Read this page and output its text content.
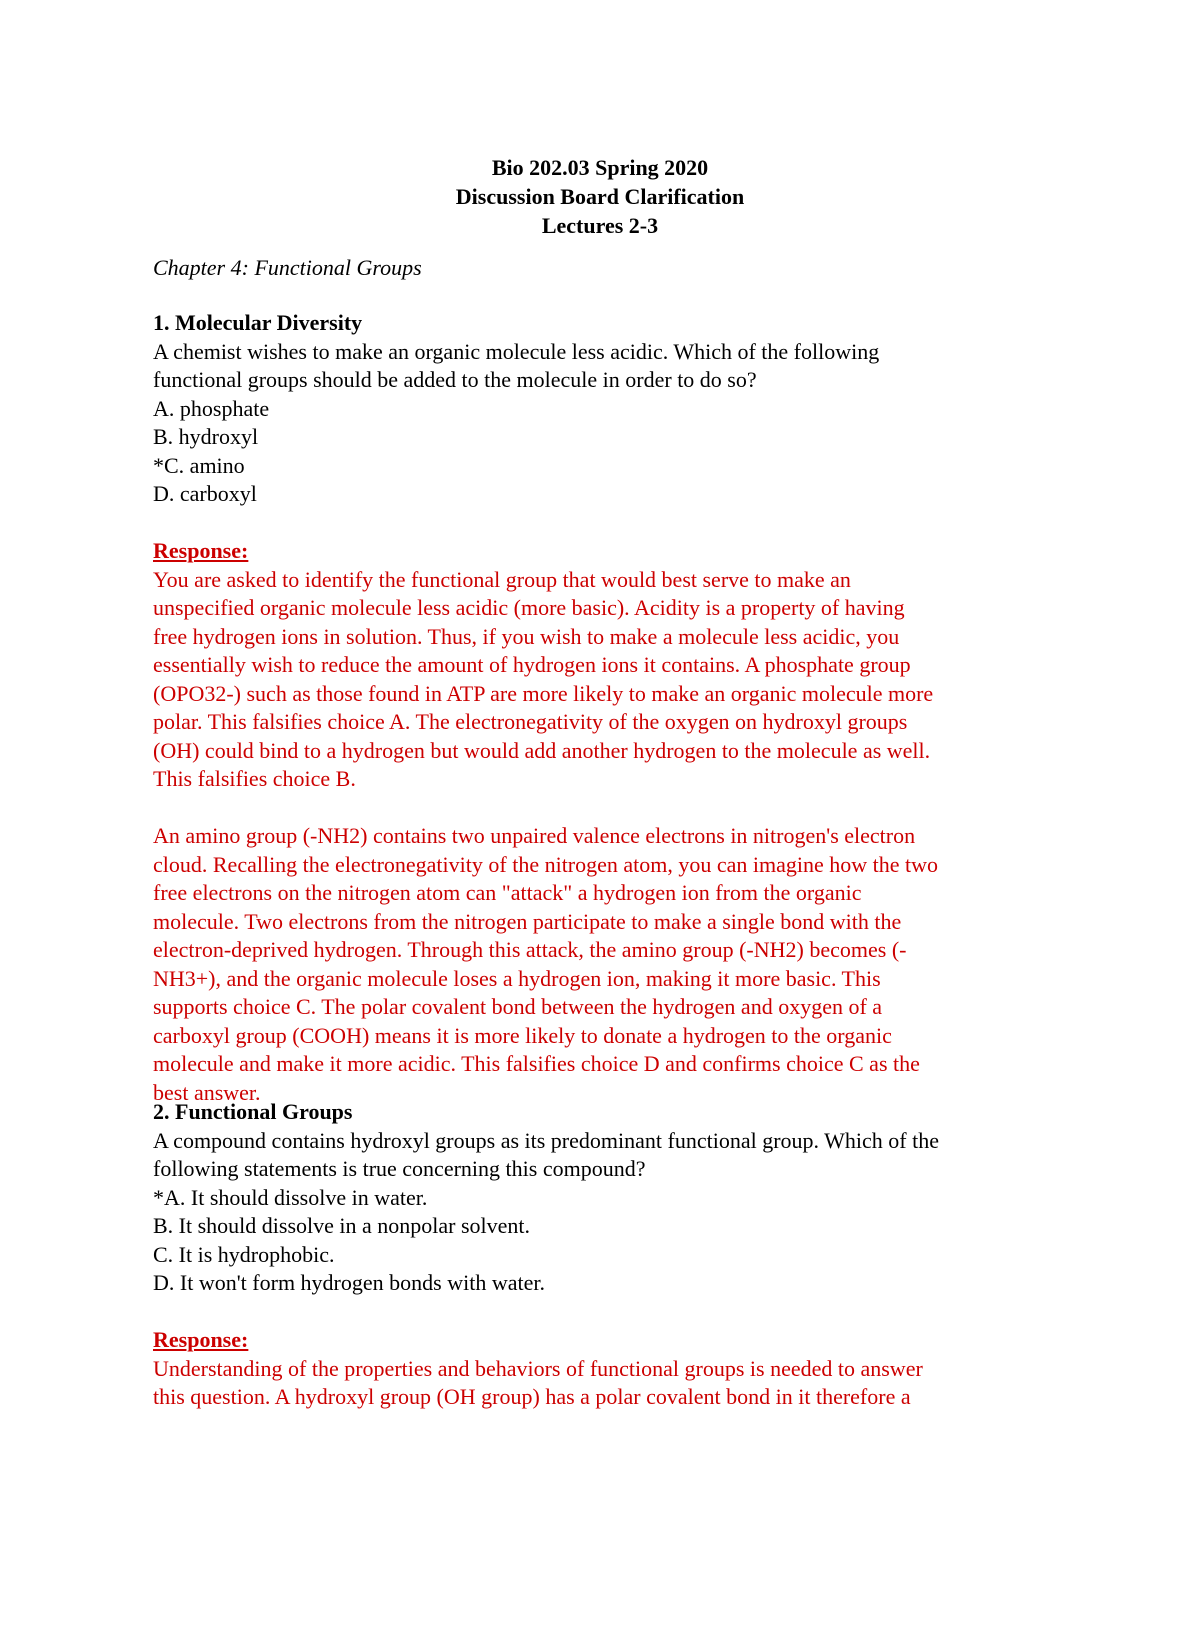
Bio 202.03 Spring 2020
Discussion Board Clarification
Lectures 2-3
Chapter 4: Functional Groups
1. Molecular Diversity
A chemist wishes to make an organic molecule less acidic. Which of the following
functional groups should be added to the molecule in order to do so?
A. phosphate
B. hydroxyl
*C. amino
D. carboxyl
Response:
You are asked to identify the functional group that would best serve to make an
unspecified organic molecule less acidic (more basic). Acidity is a property of having
free hydrogen ions in solution. Thus, if you wish to make a molecule less acidic, you
essentially wish to reduce the amount of hydrogen ions it contains. A phosphate group
(OPO32-) such as those found in ATP are more likely to make an organic molecule more
polar. This falsifies choice A. The electronegativity of the oxygen on hydroxyl groups
(OH) could bind to a hydrogen but would add another hydrogen to the molecule as well.
This falsifies choice B.
An amino group (-NH2) contains two unpaired valence electrons in nitrogen's electron
cloud. Recalling the electronegativity of the nitrogen atom, you can imagine how the two
free electrons on the nitrogen atom can "attack" a hydrogen ion from the organic
molecule. Two electrons from the nitrogen participate to make a single bond with the
electron-deprived hydrogen. Through this attack, the amino group (-NH2) becomes (-
NH3+), and the organic molecule loses a hydrogen ion, making it more basic. This
supports choice C. The polar covalent bond between the hydrogen and oxygen of a
carboxyl group (COOH) means it is more likely to donate a hydrogen to the organic
molecule and make it more acidic. This falsifies choice D and confirms choice C as the
best answer.
2. Functional Groups
A compound contains hydroxyl groups as its predominant functional group. Which of the
following statements is true concerning this compound?
*A. It should dissolve in water.
B. It should dissolve in a nonpolar solvent.
C. It is hydrophobic.
D. It won't form hydrogen bonds with water.
Response:
Understanding of the properties and behaviors of functional groups is needed to answer
this question. A hydroxyl group (OH group) has a polar covalent bond in it therefore a
